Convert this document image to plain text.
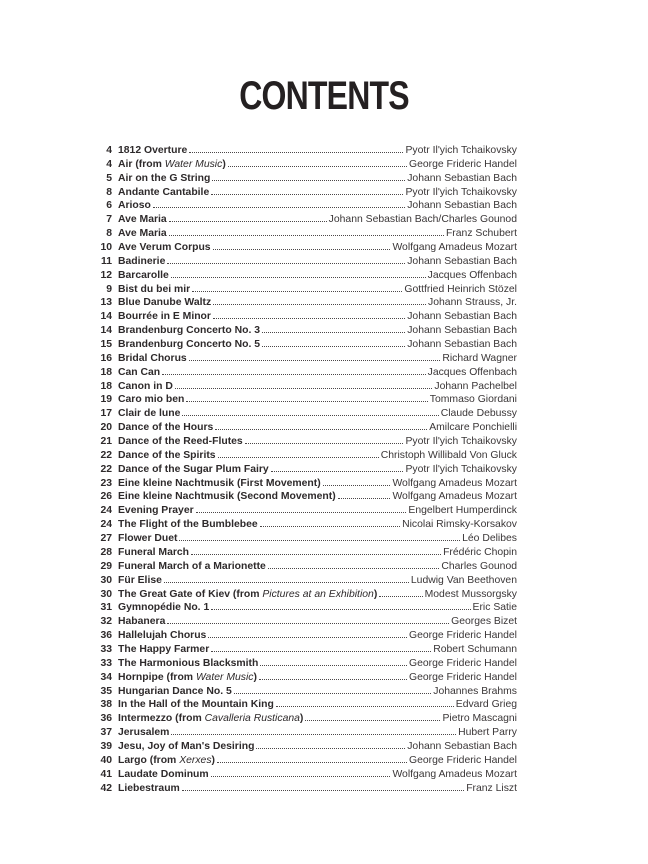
CONTENTS
4 1812 Overture	Pyotr Il'yich Tchaikovsky
4 Air (from Water Music)	George Frideric Handel
5 Air on the G String	Johann Sebastian Bach
8 Andante Cantabile	Pyotr Il'yich Tchaikovsky
6 Arioso	Johann Sebastian Bach
7 Ave Maria	Johann Sebastian Bach/Charles Gounod
8 Ave Maria	Franz Schubert
10 Ave Verum Corpus	Wolfgang Amadeus Mozart
11 Badinerie	Johann Sebastian Bach
12 Barcarolle	Jacques Offenbach
9 Bist du bei mir	Gottfried Heinrich Stözel
13 Blue Danube Waltz	Johann Strauss, Jr.
14 Bourrée in E Minor	Johann Sebastian Bach
14 Brandenburg Concerto No. 3	Johann Sebastian Bach
15 Brandenburg Concerto No. 5	Johann Sebastian Bach
16 Bridal Chorus	Richard Wagner
18 Can Can	Jacques Offenbach
18 Canon in D	Johann Pachelbel
19 Caro mio ben	Tommaso Giordani
17 Clair de lune	Claude Debussy
20 Dance of the Hours	Amilcare Ponchielli
21 Dance of the Reed-Flutes	Pyotr Il'yich Tchaikovsky
22 Dance of the Spirits	Christoph Willibald Von Gluck
22 Dance of the Sugar Plum Fairy	Pyotr Il'yich Tchaikovsky
23 Eine kleine Nachtmusik (First Movement)	Wolfgang Amadeus Mozart
26 Eine kleine Nachtmusik (Second Movement)	Wolfgang Amadeus Mozart
24 Evening Prayer	Engelbert Humperdinck
24 The Flight of the Bumblebee	Nicolai Rimsky-Korsakov
27 Flower Duet	Léo Delibes
28 Funeral March	Frédéric Chopin
29 Funeral March of a Marionette	Charles Gounod
30 Für Elise	Ludwig Van Beethoven
30 The Great Gate of Kiev (from Pictures at an Exhibition)	Modest Mussorgsky
31 Gymnopédie No. 1	Eric Satie
32 Habanera	Georges Bizet
36 Hallelujah Chorus	George Frideric Handel
33 The Happy Farmer	Robert Schumann
33 The Harmonious Blacksmith	George Frideric Handel
34 Hornpipe (from Water Music)	George Frideric Handel
35 Hungarian Dance No. 5	Johannes Brahms
38 In the Hall of the Mountain King	Edvard Grieg
36 Intermezzo (from Cavalleria Rusticana)	Pietro Mascagni
37 Jerusalem	Hubert Parry
39 Jesu, Joy of Man's Desiring	Johann Sebastian Bach
40 Largo (from Xerxes)	George Frideric Handel
41 Laudate Dominum	Wolfgang Amadeus Mozart
42 Liebestraum	Franz Liszt
